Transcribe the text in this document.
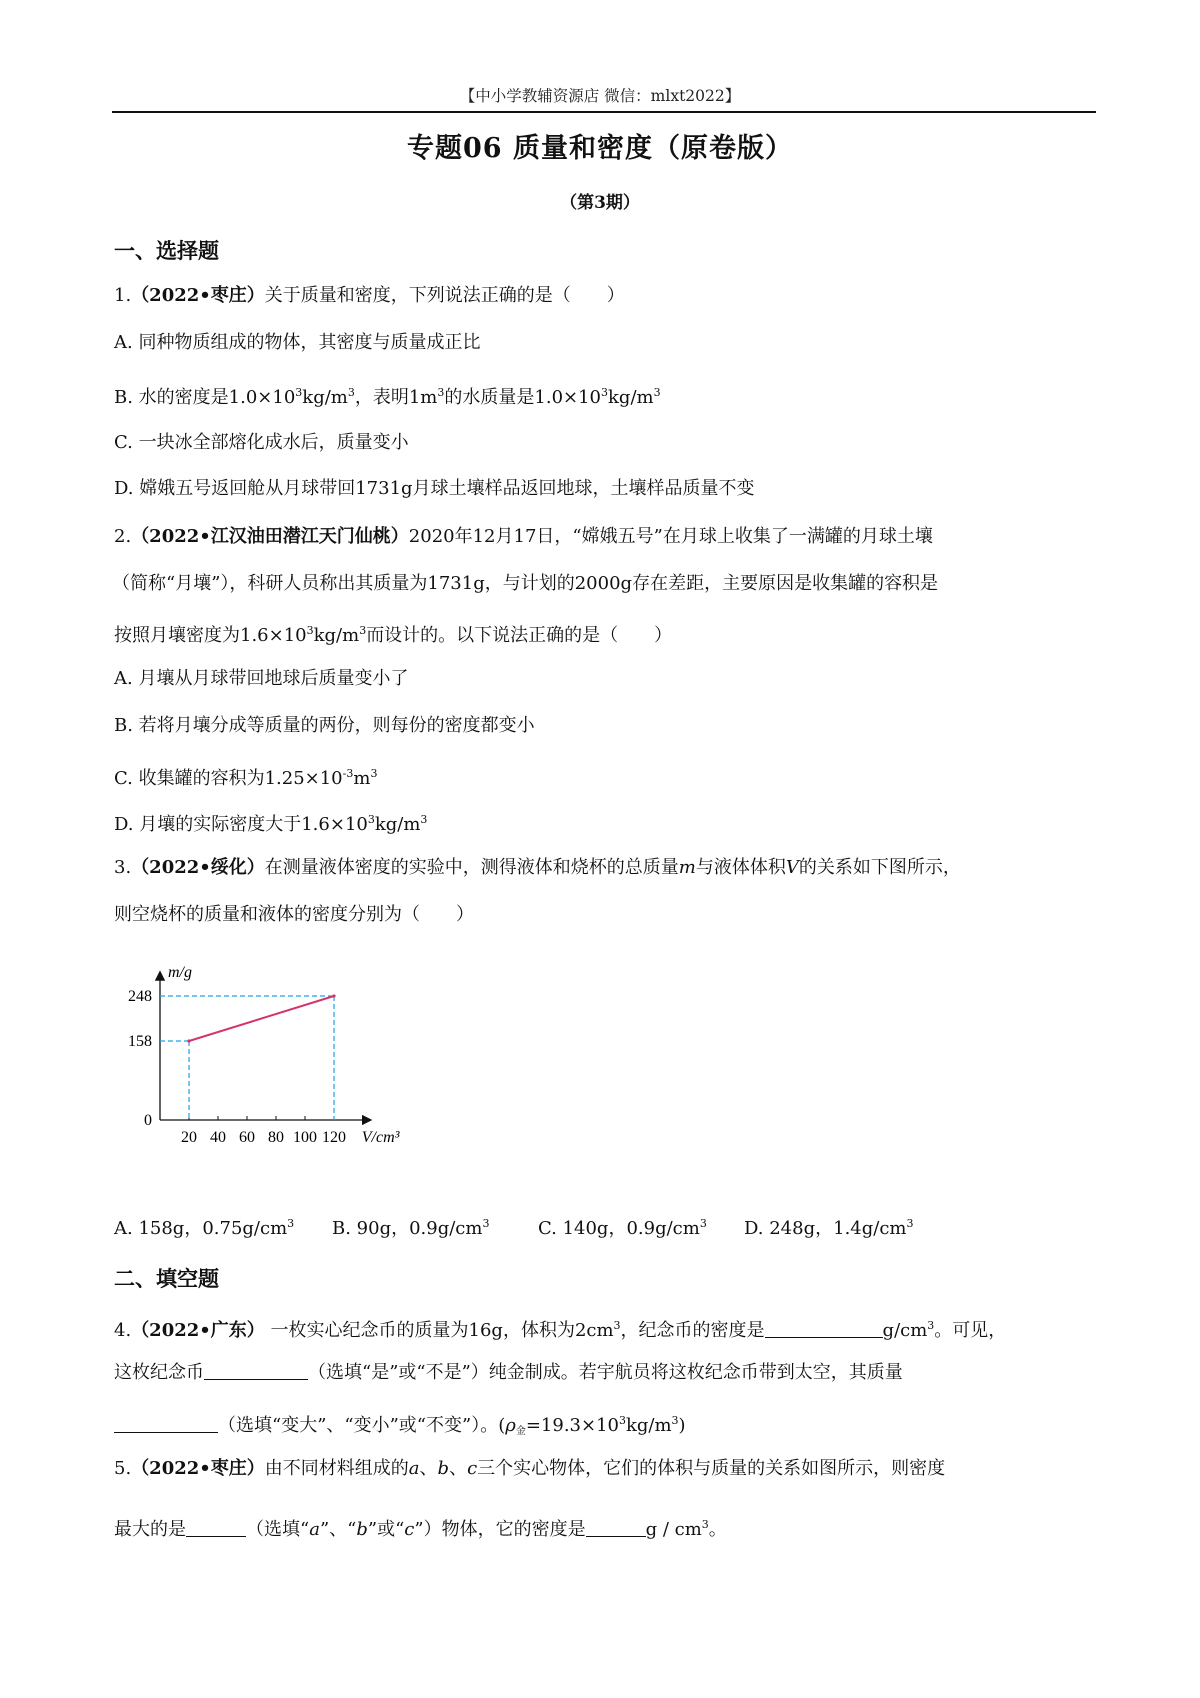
【中小学教辅资源店 微信：mlxt2022】
专题06 质量和密度（原卷版）
（第3期）
一、选择题
1.（2022•枣庄）关于质量和密度，下列说法正确的是（　　）
A. 同种物质组成的物体，其密度与质量成正比
B. 水的密度是$1.0\times 10^3kg/m^3$，表明$1m^3$的水质量是$1.0\times 10^3kg/m^3$
C. 一块冰全部熔化成水后，质量变小
D. 嫦娥五号返回舱从月球带回1731g月球土壤样品返回地球，土壤样品质量不变
2.（2022•江汉油田潜江天门仙桃）2020年12月17日，“嫦娥五号”在月球上收集了一满罐的月球土壤
（简称“月壤”），科研人员称出其质量为1731g，与计划的2000g存在差距，主要原因是收集罐的容积是
按照月壤密度为$1.6\times 10^3kg/m^3$而设计的。以下说法正确的是（　　）
A. 月壤从月球带回地球后质量变小了
B. 若将月壤分成等质量的两份，则每份的密度都变小
C. 收集罐的容积为$1.25\times 10^{-3}m^3$
D. 月壤的实际密度大于$1.6\times 10^3kg/m^3$
3.（2022•绥化）在测量液体密度的实验中，测得液体和烧杯的总质量m与液体体积V的关系如下图所示，
则空烧杯的质量和液体的密度分别为（　　）
m/g
V/cm³
20 40 60 80 100 120
0
158
248
A. 158g，$0.75g/cm^3$ B. 90g，$0.9g/cm^3$	C. 140g，$0.9g/cm^3$ D. 248g，$1.4g/cm^3$
二、填空题
4.（2022•广东） 一枚实心纪念币的质量为16g，体积为$2cm^3$，纪念币的密度是	$g/cm^3$。可见，
这枚纪念币	（选填“是”或“不是”）纯金制成。若宇航员将这枚纪念币带到太空，其质量
（选填“变大”、“变小”或“不变”）。$(\rho_金=19.3\times 10^3kg/m^3)$
5.（2022•枣庄）由不同材料组成的a、b、c三个实心物体，它们的体积与质量的关系如图所示，则密度
最大的是	（选填“a”、“b”或“c”）物体，它的密度是	g / $cm^3$。
